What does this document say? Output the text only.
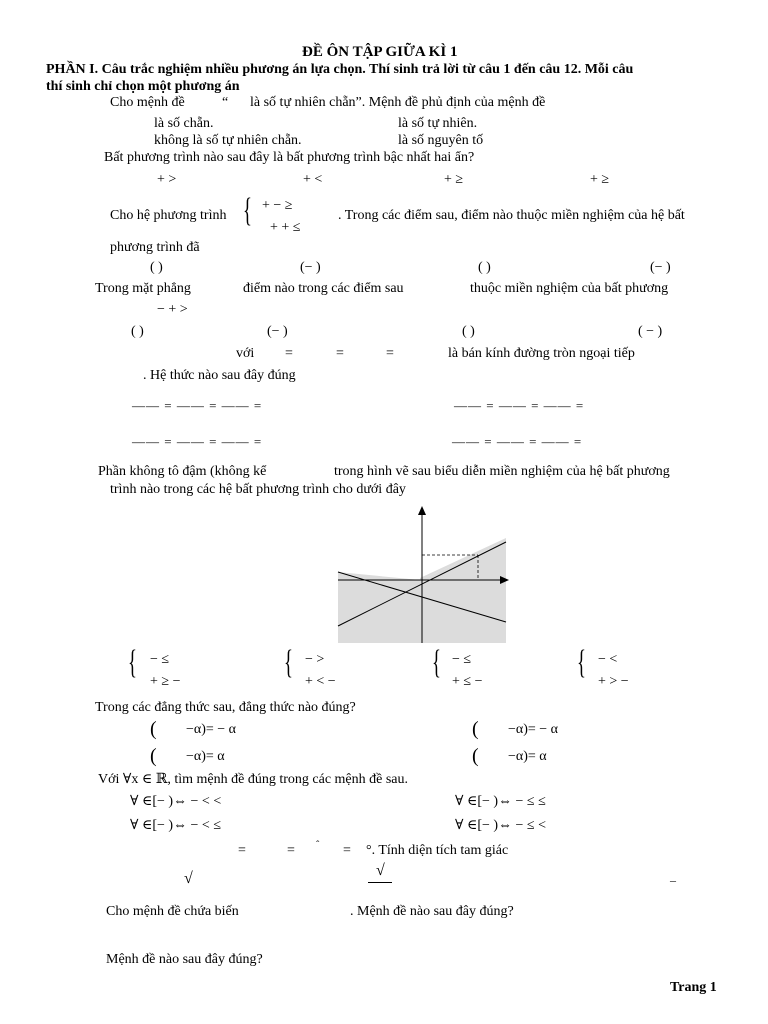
ĐỀ ÔN TẬP GIỮA KÌ 1
PHẦN I. Câu trắc nghiệm nhiều phương án lựa chọn. Thí sinh trả lời từ câu 1 đến câu 12. Mỗi câu
thí sinh chỉ chọn một phương án
Cho mệnh đề	“ là số tự nhiên chẵn”. Mệnh đề phủ định của mệnh đề
là số chẵn.	là số tự nhiên.
không là số tự nhiên chẵn.	là số nguyên tố
Bất phương trình nào sau đây là bất phương trình bậc nhất hai ẩn?
+ >	+ <	+ ≥	+ ≥
Cho hệ phương trình { + − ≥
+ + ≤
. Trong các điểm sau, điểm nào thuộc miền nghiệm của hệ bất
phương trình đã
( )	(− )	( )	(− )
Trong mặt phẳng	điểm nào trong các điểm sau	thuộc miền nghiệm của bất phương
− + >
( )	(− )	( )	( − )
với =	=	=	là bán kính đường tròn ngoại tiếp
. Hệ thức nào sau đây đúng
—— = —— = —— =	—— = —— = —— =
—— = —— = —— =	—— = —— = —— =
Phần không tô đậm (không kể	trong hình vẽ sau biểu diễn miền nghiệm của hệ bất phương
trình nào trong các hệ bất phương trình cho dưới đây
{ − ≤
+ ≥ −
{ − >
+ < −
{ − ≤
+ ≤ −
{ − <
+ > −
Trong các đẳng thức sau, đẳng thức nào đúng?
( −α)= − α	( −α)= − α
( −α)= α	( −α)= α
Với ∀x ∈ ℝ, tìm mệnh đề đúng trong các mệnh đề sau.
∀ ∈[− )⇔ − < <	∀ ∈[− )⇔ − ≤ ≤
∀ ∈[− )⇔ − < ≤	∀ ∈[− )⇔ − ≤ <
=	= ˆ = °. Tính diện tích tam giác
√	√
–
Cho mệnh đề chứa biến	. Mệnh đề nào sau đây đúng?
Mệnh đề nào sau đây đúng?
Trang 1
